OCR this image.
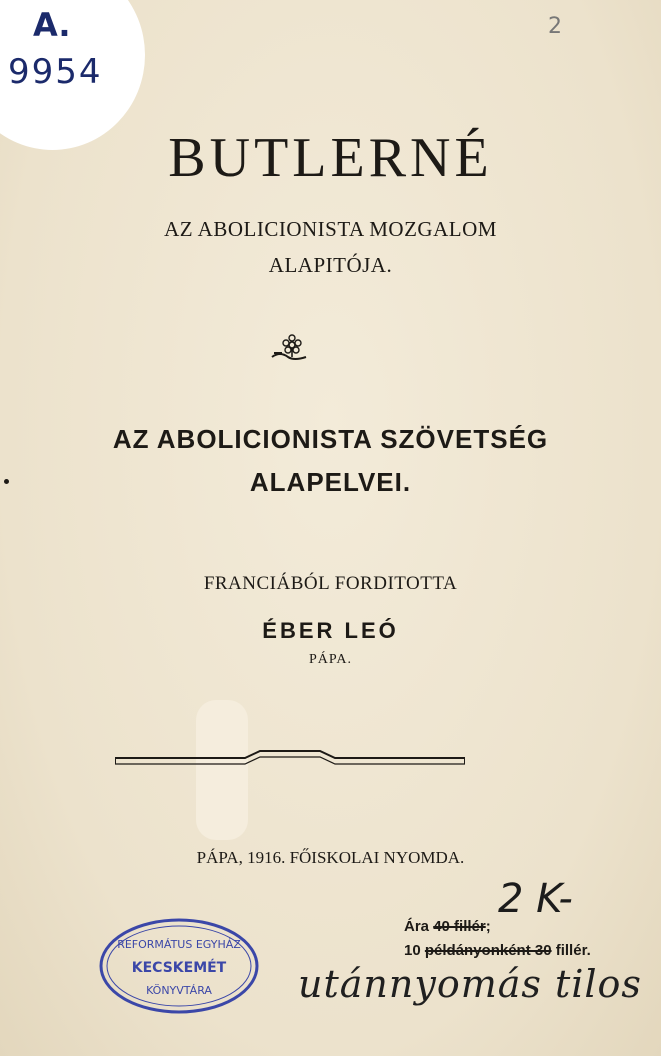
A.
9954
2
BUTLERNÉ
AZ ABOLICIONISTA MOZGALOM
ALAPITÓJA.
AZ ABOLICIONISTA SZÖVETSÉG
ALAPELVEI.
FRANCIÁBÓL FORDITOTTA
ÉBER LEÓ
PÁPA.
PÁPA, 1916. FŐISKOLAI NYOMDA.
Ára 40 fillér;
10 példányonként 30 fillér.
2 K-
REFORMÁTUS EGYHÁZ
KECSKEMÉT
KÖNYVTÁRA utánnyomás tilos
